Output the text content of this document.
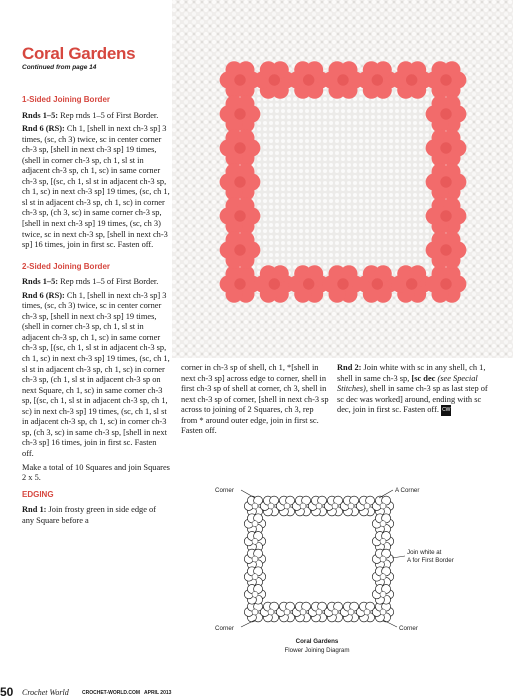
Coral Gardens
Continued from page 14
1-Sided Joining Border

Rnds 1–5: Rep rnds 1–5 of First Border.

Rnd 6 (RS): Ch 1, [shell in next ch-3 sp] 3 times, (sc, ch 3) twice, sc in center corner ch-3 sp, [shell in next ch-3 sp] 19 times, (shell in corner ch-3 sp, ch 1, sl st in adjacent ch-3 sp, ch 1, sc) in same corner ch-3 sp, [(sc, ch 1, sl st in adjacent ch-3 sp, ch 1, sc) in next ch-3 sp] 19 times, (sc, ch 1, sl st in adjacent ch-3 sp, ch 1, sc) in corner ch-3 sp, (ch 3, sc) in same corner ch-3 sp, [shell in next ch-3 sp] 19 times, (sc, ch 3) twice, sc in next ch-3 sp, [shell in next ch-3 sp] 16 times, join in first sc. Fasten off.

2-Sided Joining Border

Rnds 1–5: Rep rnds 1–5 of First Border.

Rnd 6 (RS): Ch 1, [shell in next ch-3 sp] 3 times, (sc, ch 3) twice, sc in center corner ch-3 sp, [shell in next ch-3 sp] 19 times, (shell in corner ch-3 sp, ch 1, sl st in adjacent ch-3 sp, ch 1, sc) in same corner ch-3 sp, [(sc, ch 1, sl st in adjacent ch-3 sp, ch 1, sc) in next ch-3 sp] 19 times, (sc, ch 1, sl st in adjacent ch-3 sp, ch 1, sc) in corner ch-3 sp, (ch 1, sl st in adjacent ch-3 sp on next Square, ch 1, sc) in same corner ch-3 sp, [(sc, ch 1, sl st in adjacent ch-3 sp, ch 1, sc) in next ch-3 sp] 19 times, (sc, ch 1, sl st in adjacent ch-3 sp, ch 1, sc) in corner ch-3 sp, (ch 3, sc) in same ch-3 sp, [shell in next ch-3 sp] 16 times, join in first sc. Fasten off.

Make a total of 10 Squares and join Squares 2 x 5.

EDGING

Rnd 1: Join frosty green in side edge of any Square before a

Rnd 2: Join white with sc in any shell, ch 1, shell in same ch-3 sp, [sc dec (see Special Stitches), shell in same ch-3 sp as last step of sc dec was worked] around, ending with sc dec, join in first sc. Fasten off. CW

Corner	A Corner
Corner	Corner
Join white at
A for First Border
Coral Gardens
Flower Joining Diagram
50 Crochet World	CROCHET-WORLD.COM APRIL 2013

corner in ch-3 sp of shell, ch 1, *[shell in next ch-3 sp] across edge to corner, shell in first ch-3 sp of shell at corner, ch 3, shell in next ch-3 sp of corner, [shell in next ch-3 sp across to joining of 2 Squares, ch 3, rep from * around outer edge, join in first sc. Fasten off.
